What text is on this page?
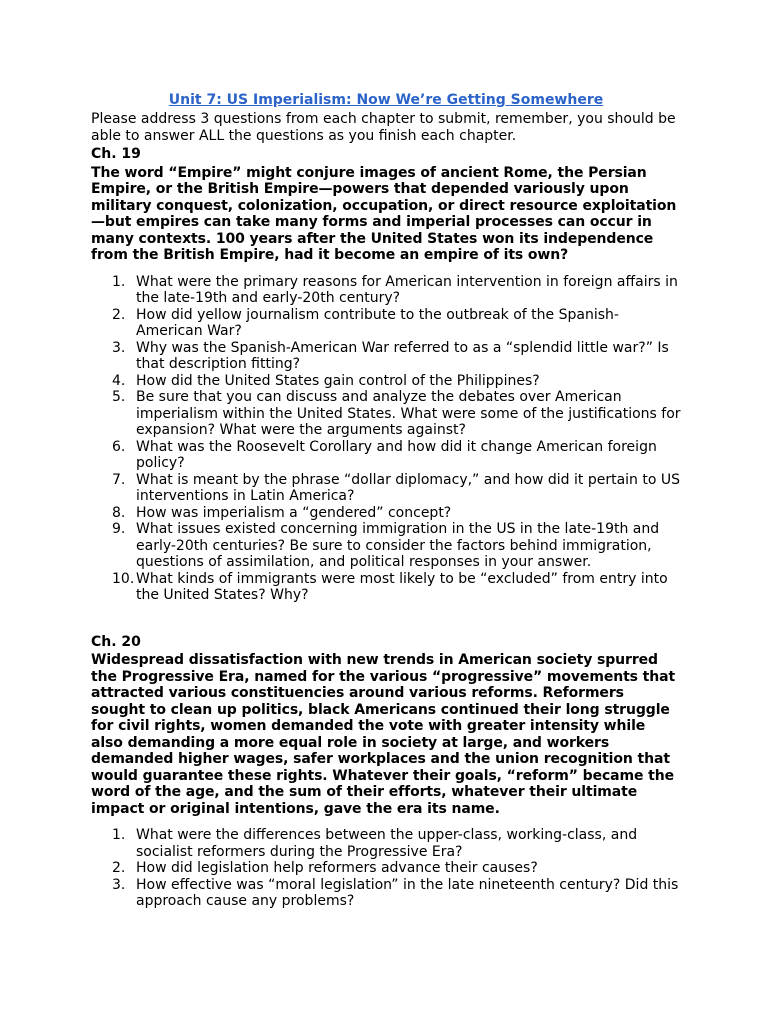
Unit 7: US Imperialism: Now We’re Getting Somewhere

Please address 3 questions from each chapter to submit, remember, you should be able to answer ALL the questions as you finish each chapter.

Ch. 19

The word “Empire” might conjure images of ancient Rome, the Persian Empire, or the British Empire—powers that depended variously upon military conquest, colonization, occupation, or direct resource exploitation—but empires can take many forms and imperial processes can occur in many contexts. 100 years after the United States won its independence from the British Empire, had it become an empire of its own?

1. What were the primary reasons for American intervention in foreign affairs in the late-19th and early-20th century?
2. How did yellow journalism contribute to the outbreak of the Spanish-American War?
3. Why was the Spanish-American War referred to as a “splendid little war?” Is that description fitting?
4. How did the United States gain control of the Philippines?
5. Be sure that you can discuss and analyze the debates over American imperialism within the United States. What were some of the justifications for expansion? What were the arguments against?
6. What was the Roosevelt Corollary and how did it change American foreign policy?
7. What is meant by the phrase “dollar diplomacy,” and how did it pertain to US interventions in Latin America?
8. How was imperialism a “gendered” concept?
9. What issues existed concerning immigration in the US in the late-19th and early-20th centuries? Be sure to consider the factors behind immigration, questions of assimilation, and political responses in your answer.
10. What kinds of immigrants were most likely to be “excluded” from entry into the United States? Why?
Ch. 20

Widespread dissatisfaction with new trends in American society spurred the Progressive Era, named for the various “progressive” movements that attracted various constituencies around various reforms. Reformers sought to clean up politics, black Americans continued their long struggle for civil rights, women demanded the vote with greater intensity while also demanding a more equal role in society at large, and workers demanded higher wages, safer workplaces and the union recognition that would guarantee these rights. Whatever their goals, “reform” became the word of the age, and the sum of their efforts, whatever their ultimate impact or original intentions, gave the era its name.

1. What were the differences between the upper-class, working-class, and socialist reformers during the Progressive Era?
2. How did legislation help reformers advance their causes?
3. How effective was “moral legislation” in the late nineteenth century? Did this approach cause any problems?
